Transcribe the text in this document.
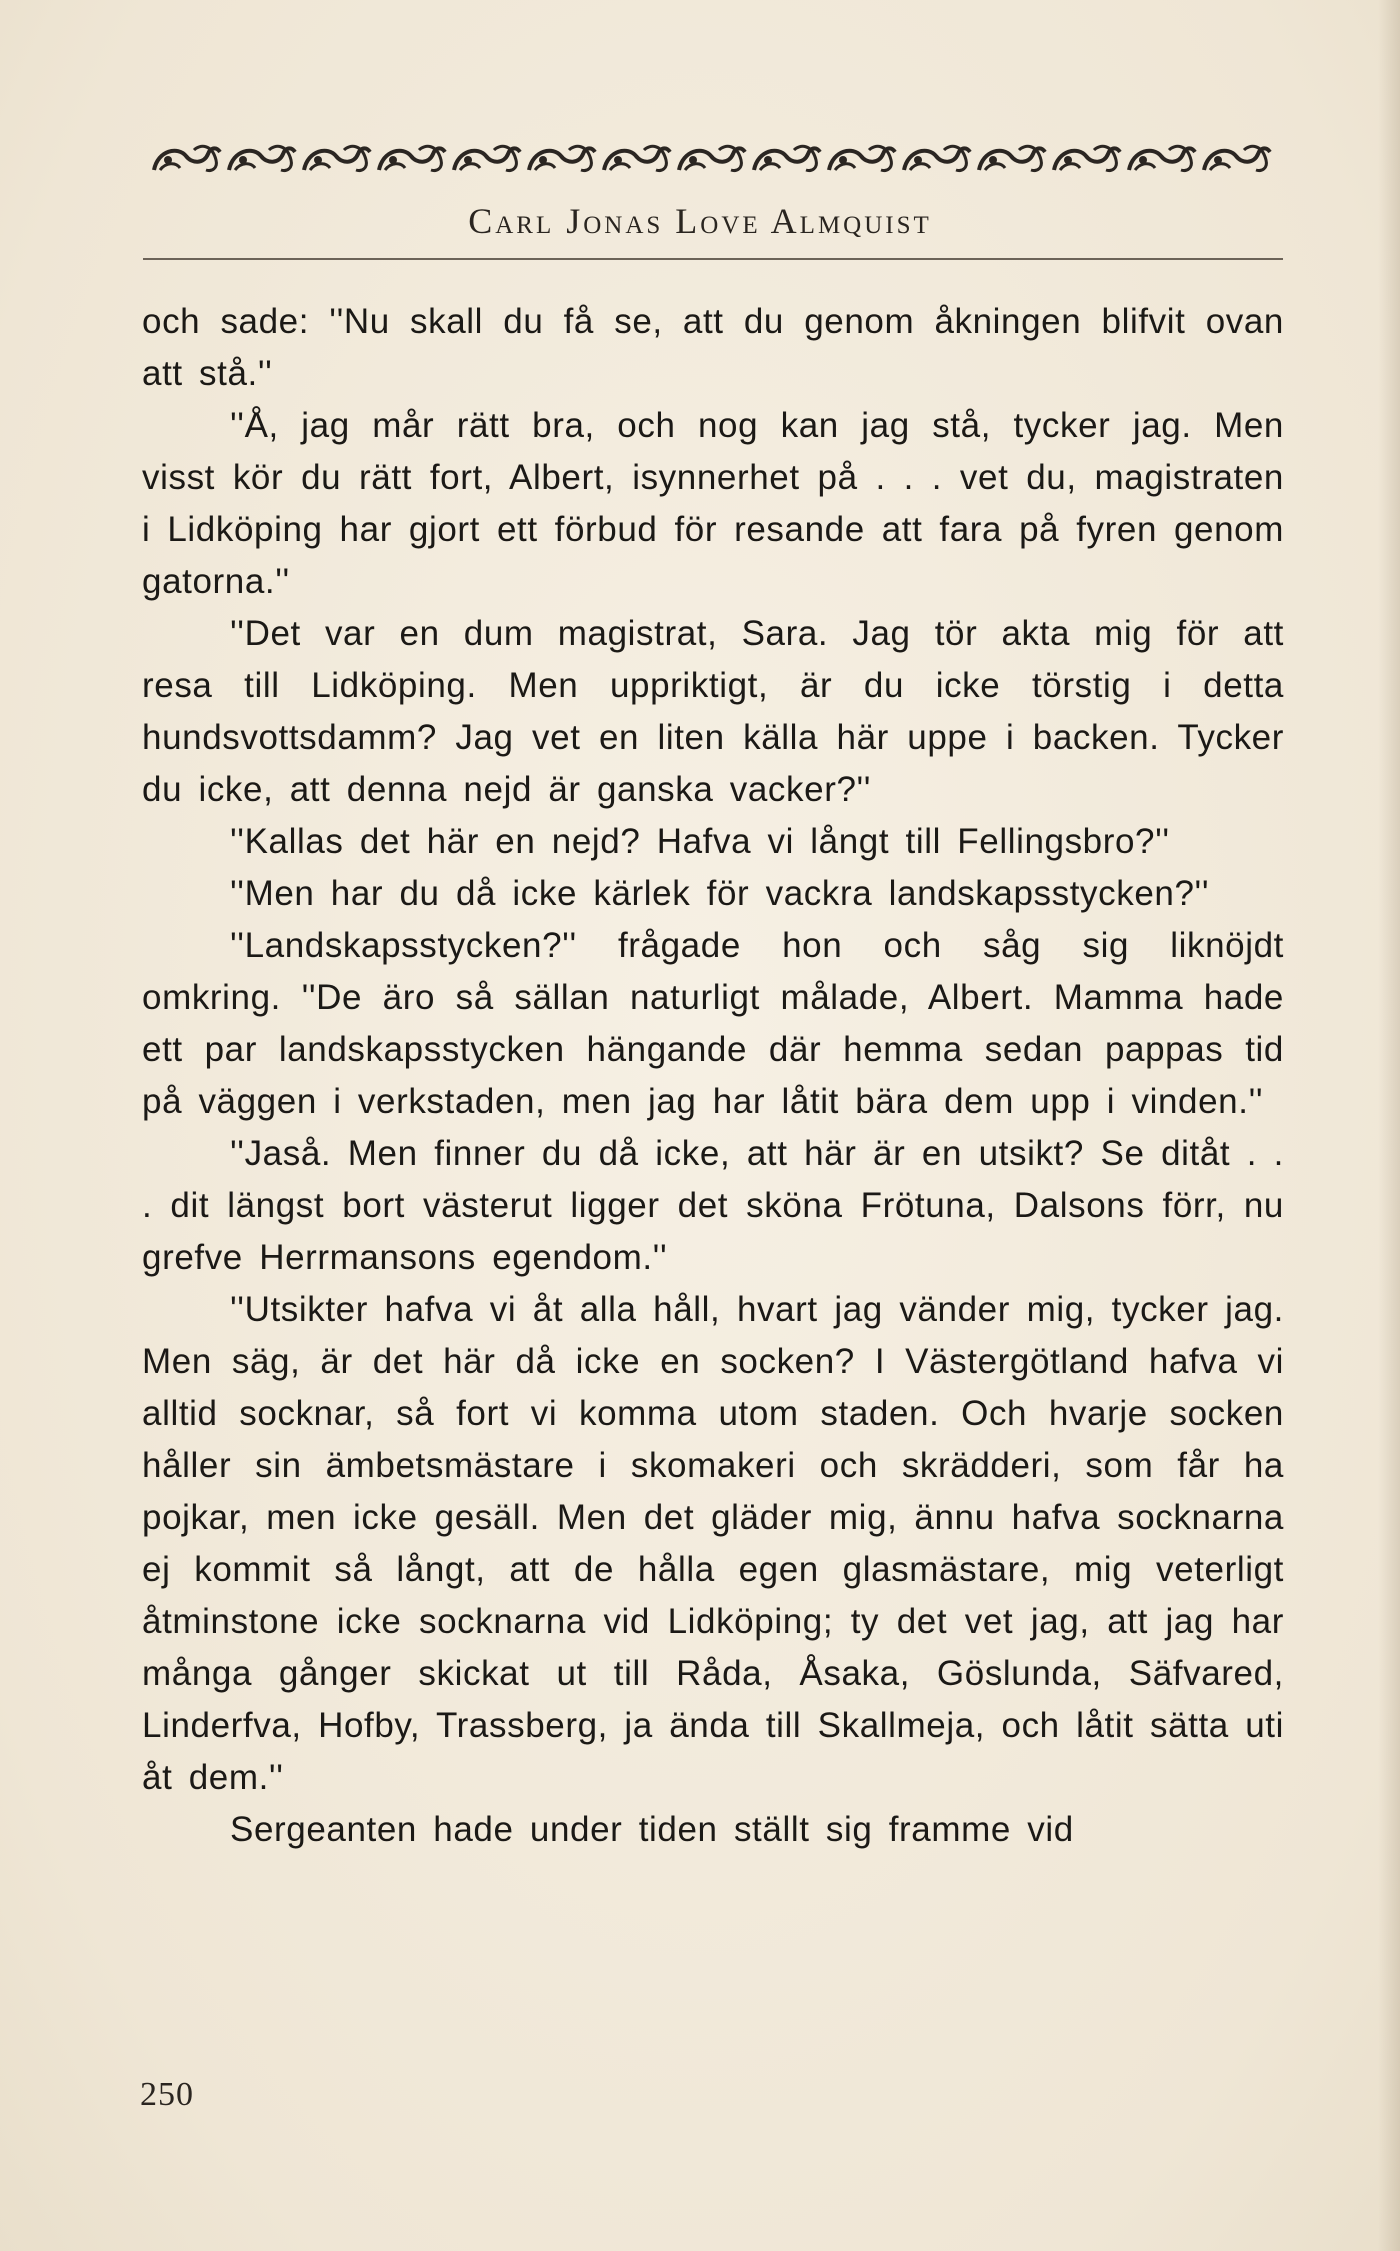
Carl Jonas Love Almquist

och sade: ''Nu skall du få se, att du genom åkningen blifvit ovan att stå.''

''Å, jag mår rätt bra, och nog kan jag stå, tycker jag. Men visst kör du rätt fort, Albert, isynnerhet på . . . vet du, magistraten i Lidköping har gjort ett förbud för resande att fara på fyren genom gatorna.''

''Det var en dum magistrat, Sara. Jag tör akta mig för att resa till Lidköping. Men uppriktigt, är du icke törstig i detta hundsvottsdamm? Jag vet en liten källa här uppe i backen. Tycker du icke, att denna nejd är ganska vacker?''

''Kallas det här en nejd? Hafva vi långt till Fellingsbro?''

''Men har du då icke kärlek för vackra landskapsstycken?''

''Landskapsstycken?'' frågade hon och såg sig liknöjdt omkring. ''De äro så sällan naturligt målade, Albert. Mamma hade ett par landskapsstycken hängande där hemma sedan pappas tid på väggen i verkstaden, men jag har låtit bära dem upp i vinden.''

''Jaså. Men finner du då icke, att här är en utsikt? Se ditåt . . . dit längst bort västerut ligger det sköna Frötuna, Dalsons förr, nu grefve Herrmansons egendom.''

''Utsikter hafva vi åt alla håll, hvart jag vänder mig, tycker jag. Men säg, är det här då icke en socken? I Västergötland hafva vi alltid socknar, så fort vi komma utom staden. Och hvarje socken håller sin ämbetsmästare i skomakeri och skrädderi, som får ha pojkar, men icke gesäll. Men det gläder mig, ännu hafva socknarna ej kommit så långt, att de hålla egen glasmästare, mig veterligt åtminstone icke socknarna vid Lidköping; ty det vet jag, att jag har många gånger skickat ut till Råda, Åsaka, Göslunda, Säfvared, Linderfva, Hofby, Trassberg, ja ända till Skallmeja, och låtit sätta uti åt dem.''

Sergeanten hade under tiden ställt sig framme vid

250
